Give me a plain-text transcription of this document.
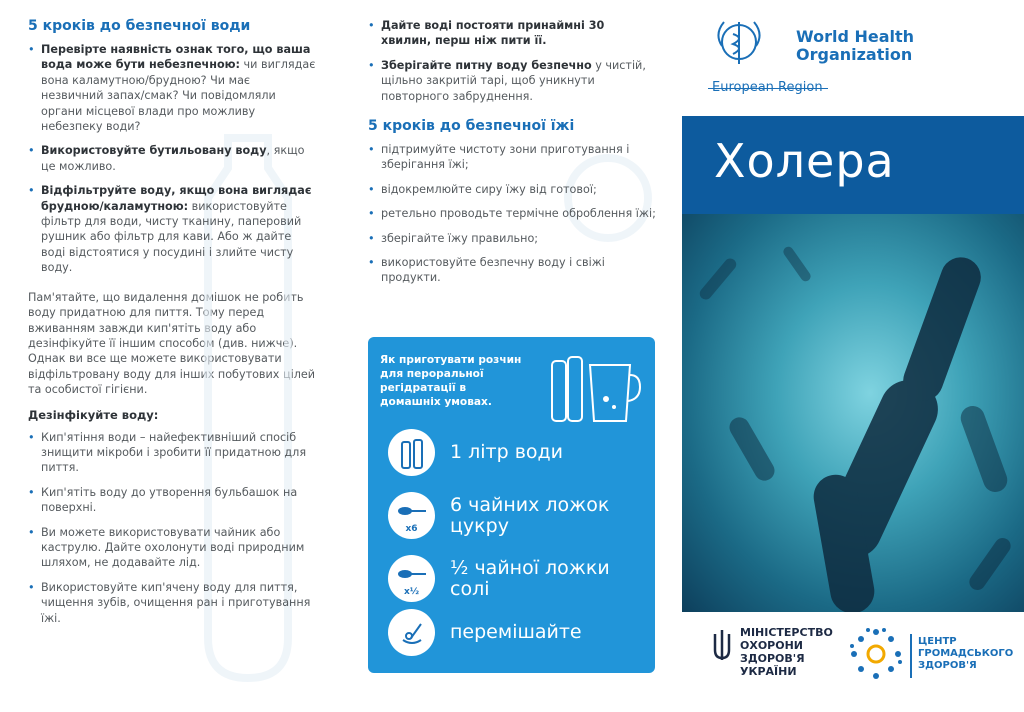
5 кроків до безпечної води
• Перевірте наявність ознак того, що ваша вода може бути небезпечною: чи виглядає вона каламутною/брудною? Чи має незвичний запах/смак? Чи повідомляли органи місцевої влади про можливу небезпеку води?
• Використовуйте бутильовану воду, якщо це можливо.
• Відфільтруйте воду, якщо вона виглядає брудною/каламутною: використовуйте фільтр для води, чисту тканину, паперовий рушник або фільтр для кави. Або ж дайте воді відстоятися у посудині і злийте чисту воду.

Пам'ятайте, що видалення домішок не робить воду придатною для пиття. Тому перед вживанням завжди кип'ятіть воду або дезінфікуйте її іншим способом (див. нижче). Однак ви все ще можете використовувати відфільтровану воду для інших побутових цілей та особистої гігієни.

Дезінфікуйте воду:
• Кип'ятіння води – найефективніший спосіб знищити мікроби і зробити її придатною для пиття.
• Кип'ятіть воду до утворення бульбашок на поверхні.
• Ви можете використовувати чайник або каструлю. Дайте охолонути воді природним шляхом, не додавайте лід.
• Використовуйте кип'ячену воду для пиття, чищення зубів, очищення ран і приготування їжі.
• Дайте воді постояти принаймні 30 хвилин, перш ніж пити її.
• Зберігайте питну воду безпечно у чистій, щільно закритій тарі, щоб уникнути повторного забруднення.
5 кроків до безпечної їжі
• підтримуйте чистоту зони приготування і зберігання їжі;
• відокремлюйте сиру їжу від готової;
• ретельно проводьте термічне оброблення їжі;
• зберігайте їжу правильно;
• використовуйте безпечну воду і свіжі продукти.
Як приготувати розчин для пероральної регідратації в домашніх умовах.
1 літр води
x6
6 чайних ложок цукру
x½
½ чайної ложки солі
перемішайте
World Health
Organization
European Region
Холера
МІНІСТЕРСТВО
ОХОРОНИ
ЗДОРОВ'Я
УКРАЇНИ
ЦЕНТР
ГРОМАДСЬКОГО
ЗДОРОВ'Я
